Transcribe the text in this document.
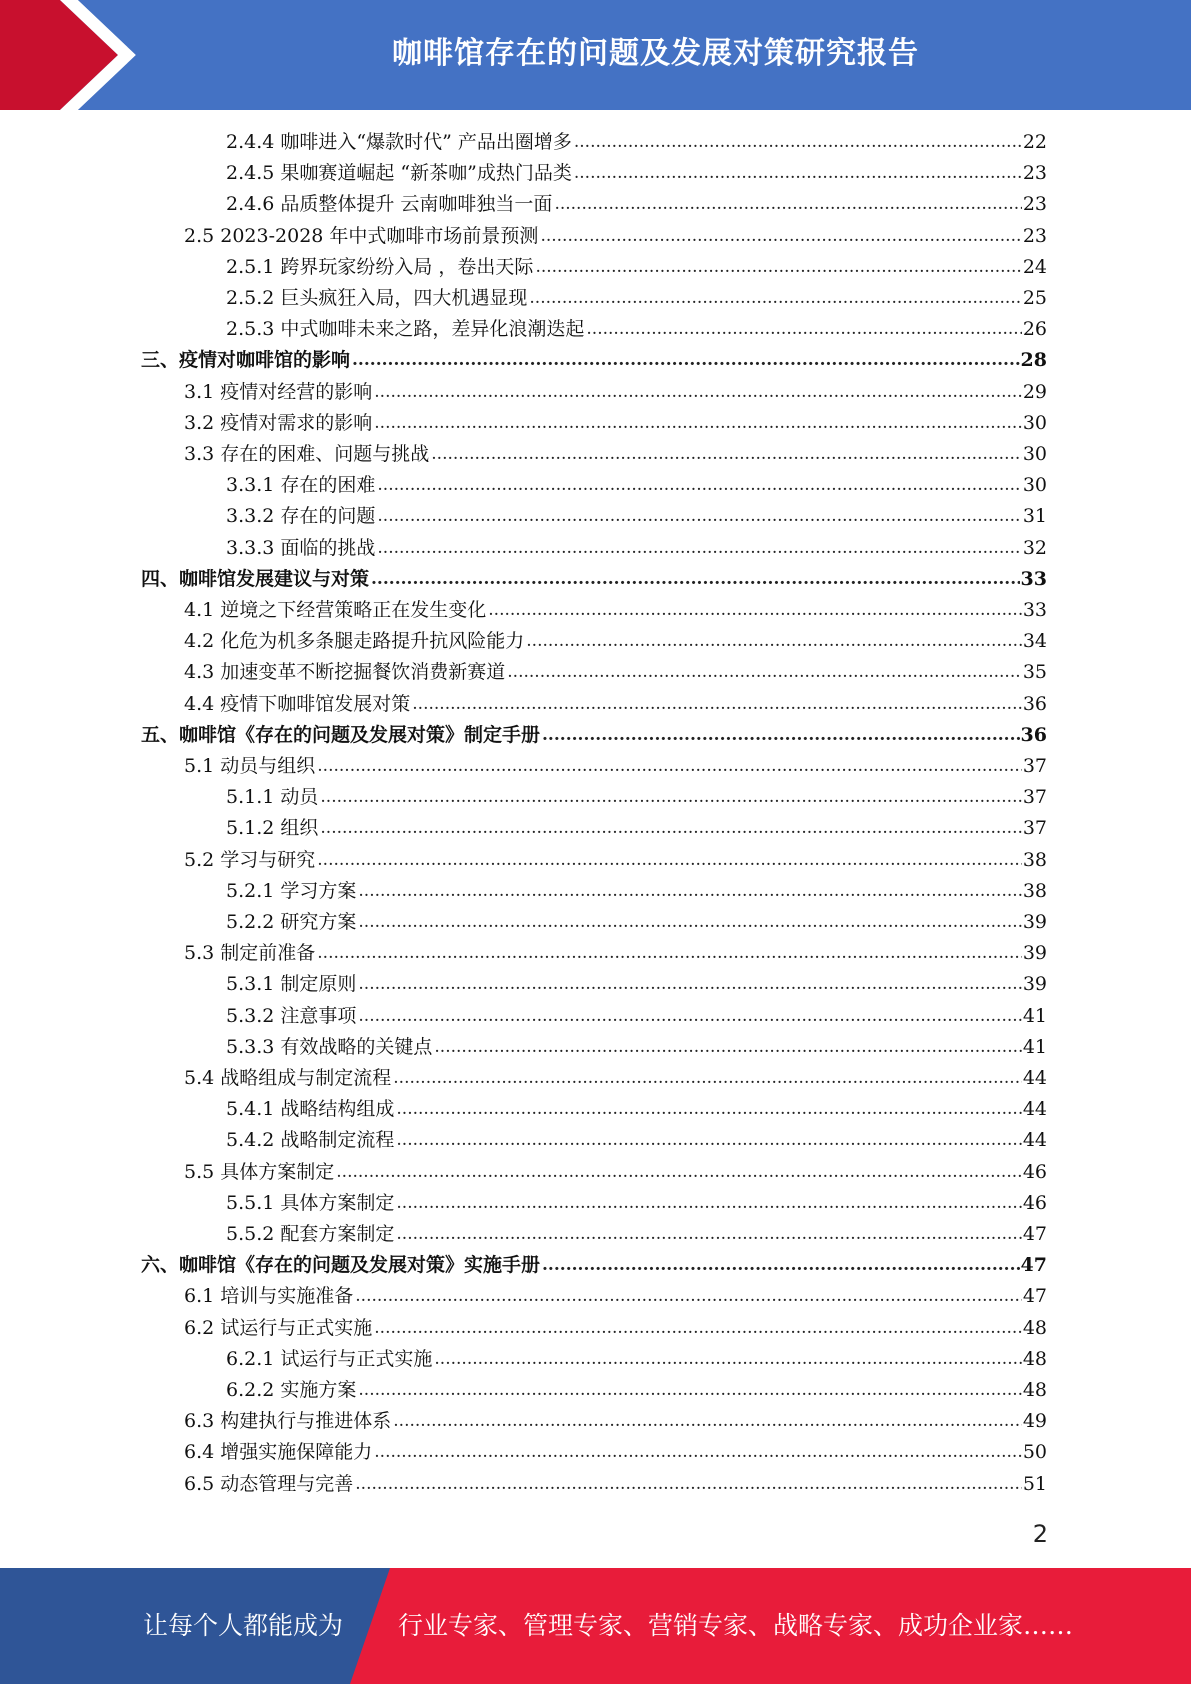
咖啡馆存在的问题及发展对策研究报告
2.4.4 咖啡进入“爆款时代” 产品出圈增多 .....	22
2.4.5 果咖赛道崛起 “新茶咖”成热门品类 .....	23
2.4.6 品质整体提升 云南咖啡独当一面 .....	23
2.5 2023-2028 年中式咖啡市场前景预测 .....	23
2.5.1 跨界玩家纷纷入局 ，卷出天际 .....	24
2.5.2 巨头疯狂入局，四大机遇显现 .....	25
2.5.3 中式咖啡未来之路，差异化浪潮迭起 .....	26
三、疫情对咖啡馆的影响 .....	28
3.1 疫情对经营的影响 .....	29
3.2 疫情对需求的影响 .....	30
3.3 存在的困难、问题与挑战 .....	30
3.3.1 存在的困难 .....	30
3.3.2 存在的问题 .....	31
3.3.3 面临的挑战 .....	32
四、咖啡馆发展建议与对策 .....	33
4.1 逆境之下经营策略正在发生变化 .....	33
4.2 化危为机多条腿走路提升抗风险能力 .....	34
4.3 加速变革不断挖掘餐饮消费新赛道 .....	35
4.4 疫情下咖啡馆发展对策 .....	36
五、咖啡馆《存在的问题及发展对策》制定手册 .....	36
5.1 动员与组织 .....	37
5.1.1 动员 .....	37
5.1.2 组织 .....	37
5.2 学习与研究 .....	38
5.2.1 学习方案 .....	38
5.2.2 研究方案 .....	39
5.3 制定前准备 .....	39
5.3.1 制定原则 .....	39
5.3.2 注意事项 .....	41
5.3.3 有效战略的关键点 .....	41
5.4 战略组成与制定流程 .....	44
5.4.1 战略结构组成 .....	44
5.4.2 战略制定流程 .....	44
5.5 具体方案制定 .....	46
5.5.1 具体方案制定 .....	46
5.5.2 配套方案制定 .....	47
六、咖啡馆《存在的问题及发展对策》实施手册 .....	47
6.1 培训与实施准备 .....	47
6.2 试运行与正式实施 .....	48
6.2.1 试运行与正式实施 .....	48
6.2.2 实施方案 .....	48
6.3 构建执行与推进体系 .....	49
6.4 增强实施保障能力 .....	50
6.5 动态管理与完善 .....	51
2
让每个人都能成为 行业专家、管理专家、营销专家、战略专家、成功企业家……
